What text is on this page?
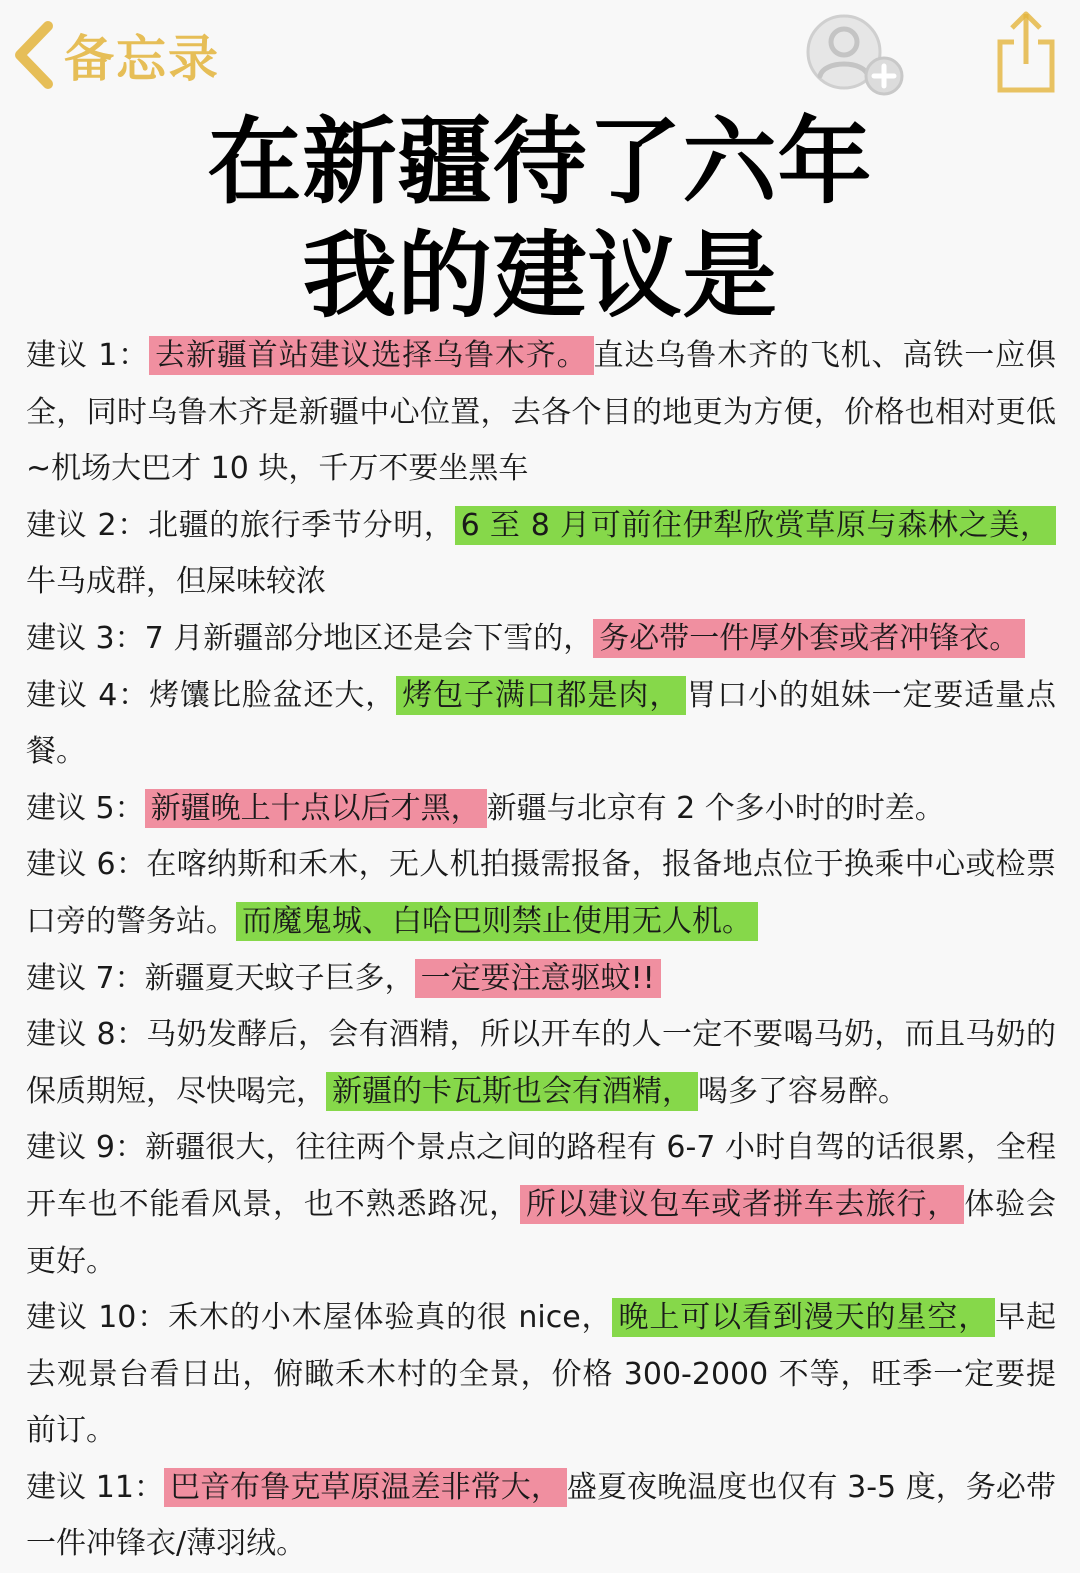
备忘录
在新疆待了六年
我的建议是

建议 1： 去新疆首站建议选择乌鲁木齐。 直达乌鲁木齐的飞机、高铁一应俱全，同时乌鲁木齐是新疆中心位置，去各个目的地更为方便，价格也相对更低~机场大巴才 10 块，千万不要坐黑车

建议 2：北疆的旅行季节分明， 6 至 8 月可前往伊犁欣赏草原与森林之美，牛马成群，但屎味较浓

建议 3：7 月新疆部分地区还是会下雪的， 务必带一件厚外套或者冲锋衣。

建议 4：烤馕比脸盆还大， 烤包子满口都是肉， 胃口小的姐妹一定要适量点餐。

建议 5： 新疆晚上十点以后才黑， 新疆与北京有 2 个多小时的时差。

建议 6：在喀纳斯和禾木，无人机拍摄需报备，报备地点位于换乘中心或检票口旁的警务站。 而魔鬼城、白哈巴则禁止使用无人机。

建议 7：新疆夏天蚊子巨多， 一定要注意驱蚊!!

建议 8：马奶发酵后，会有酒精，所以开车的人一定不要喝马奶，而且马奶的保质期短，尽快喝完， 新疆的卡瓦斯也会有酒精， 喝多了容易醉。

建议 9：新疆很大，往往两个景点之间的路程有 6-7 小时自驾的话很累，全程开车也不能看风景，也不熟悉路况， 所以建议包车或者拼车去旅行， 体验会更好。

建议 10：禾木的小木屋体验真的很 nice， 晚上可以看到漫天的星空， 早起去观景台看日出，俯瞰禾木村的全景，价格 300-2000 不等，旺季一定要提前订。

建议 11： 巴音布鲁克草原温差非常大， 盛夏夜晚温度也仅有 3-5 度，务必带一件冲锋衣/薄羽绒。
